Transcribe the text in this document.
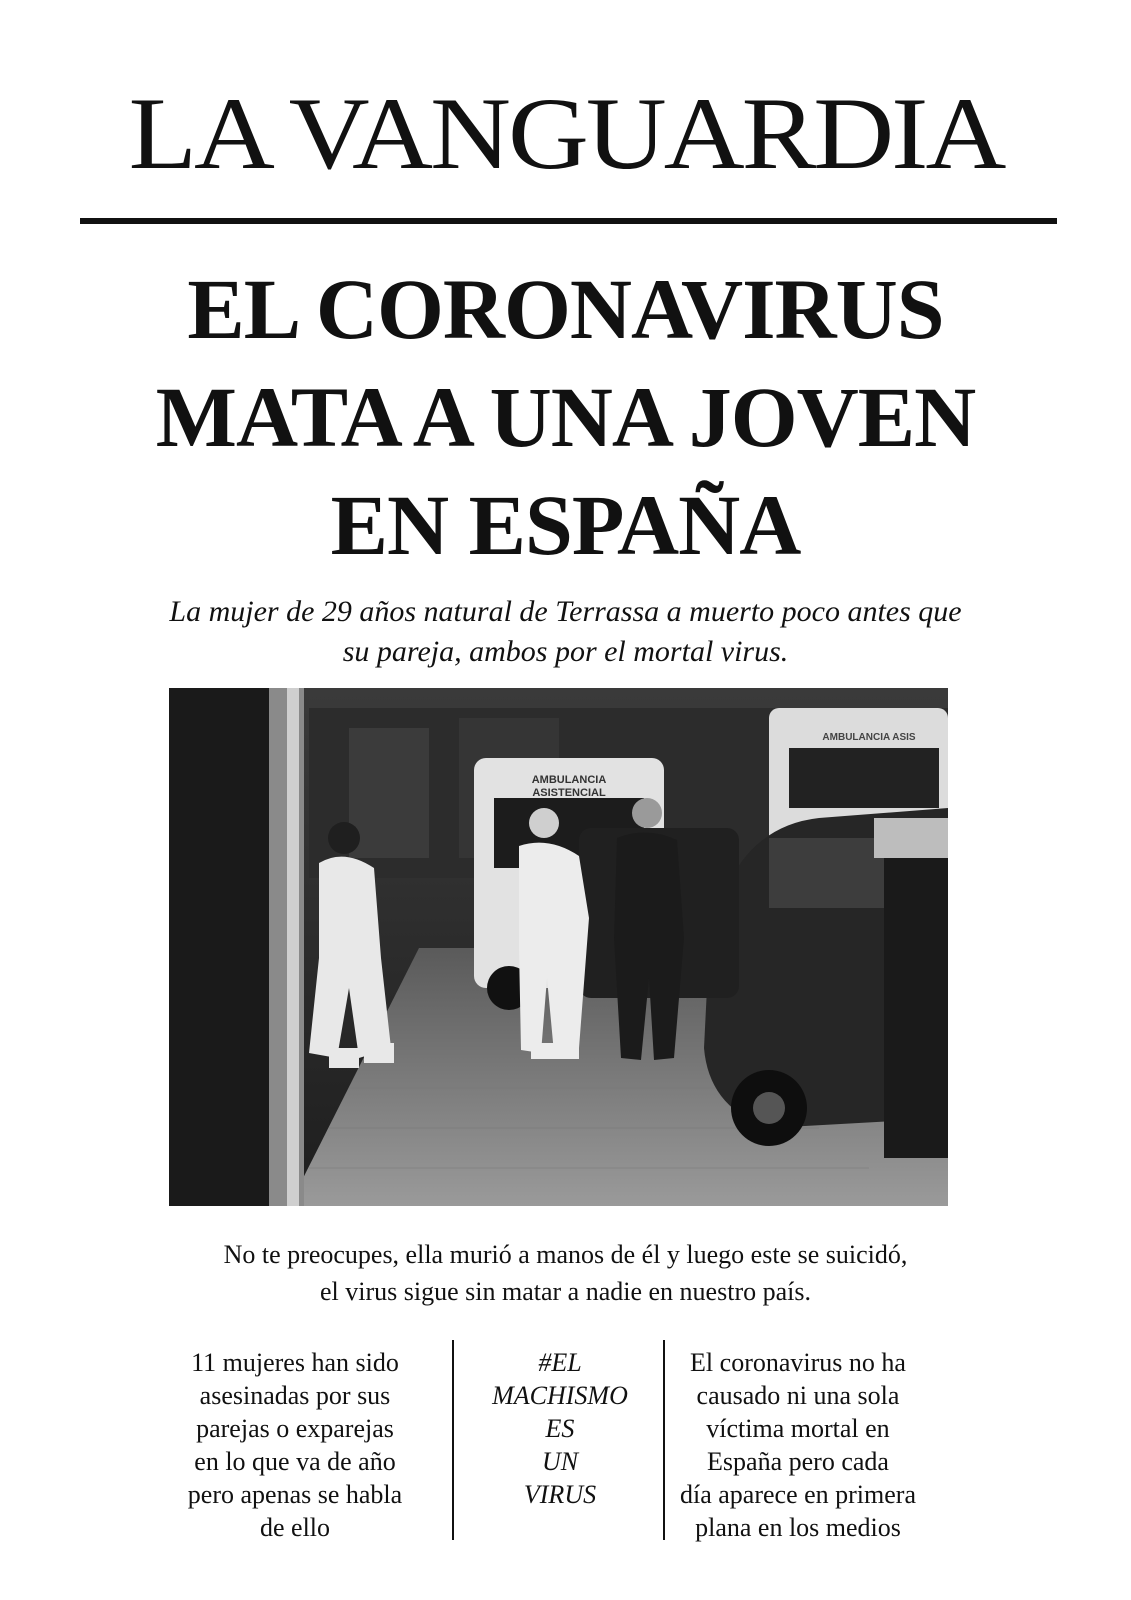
LA VANGUARDIA
EL CORONAVIRUS
MATA A UNA JOVEN
EN ESPAÑA
La mujer de 29 años natural de Terrassa a muerto poco antes que
su pareja, ambos por el mortal virus.
AMBULANCIA
ASISTENCIAL
AMBULANCIA ASIS
No te preocupes, ella murió a manos de él y luego este se suicidó,
el virus sigue sin matar a nadie en nuestro país.
11 mujeres han sido
asesinadas por sus
parejas o exparejas
en lo que va de año
pero apenas se habla
de ello
#EL
MACHISMO
ES
UN
VIRUS
El coronavirus no ha
causado ni una sola
víctima mortal en
España pero cada
día aparece en primera
plana en los medios
